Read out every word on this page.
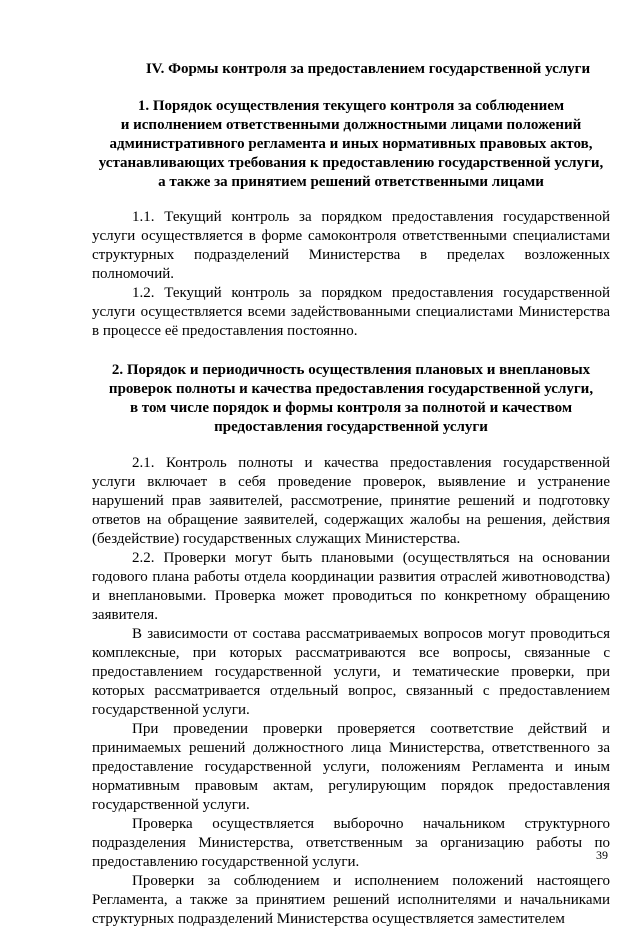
IV. Формы контроля за предоставлением государственной услуги

1. Порядок осуществления текущего контроля за соблюдением

и исполнением ответственными должностными лицами положений

административного регламента и иных нормативных правовых актов,

устанавливающих требования к предоставлению государственной услуги,

а также за принятием решений ответственными лицами

1.1. Текущий контроль за порядком предоставления государственной услуги осуществляется в форме самоконтроля ответственными специалистами структурных подразделений Министерства в пределах возложенных полномочий.

1.2. Текущий контроль за порядком предоставления государственной услуги осуществляется всеми задействованными специалистами Министерства в процессе её предоставления постоянно.

2. Порядок и периодичность осуществления плановых и внеплановых

проверок полноты и качества предоставления государственной услуги,

в том числе порядок и формы контроля за полнотой и качеством

предоставления государственной услуги

2.1. Контроль полноты и качества предоставления государственной услуги включает в себя проведение проверок, выявление и устранение нарушений прав заявителей, рассмотрение, принятие решений и подготовку ответов на обращение заявителей, содержащих жалобы на решения, действия (бездействие) государственных служащих Министерства.

2.2. Проверки могут быть плановыми (осуществляться на основании годового плана работы отдела координации развития отраслей животноводства) и внеплановыми. Проверка может проводиться по конкретному обращению заявителя.

В зависимости от состава рассматриваемых вопросов могут проводиться комплексные, при которых рассматриваются все вопросы, связанные с предоставлением государственной услуги, и тематические проверки, при которых рассматривается отдельный вопрос, связанный с предоставлением государственной услуги.

При проведении проверки проверяется соответствие действий и принимаемых решений должностного лица Министерства, ответственного за предоставление государственной услуги, положениям Регламента и иным нормативным правовым актам, регулирующим порядок предоставления государственной услуги.

Проверка осуществляется выборочно начальником структурного подразделения Министерства, ответственным за организацию работы по предоставлению государственной услуги.

Проверки за соблюдением и исполнением положений настоящего Регламента, а также за принятием решений исполнителями и начальниками структурных подразделений Министерства осуществляется заместителем

39
